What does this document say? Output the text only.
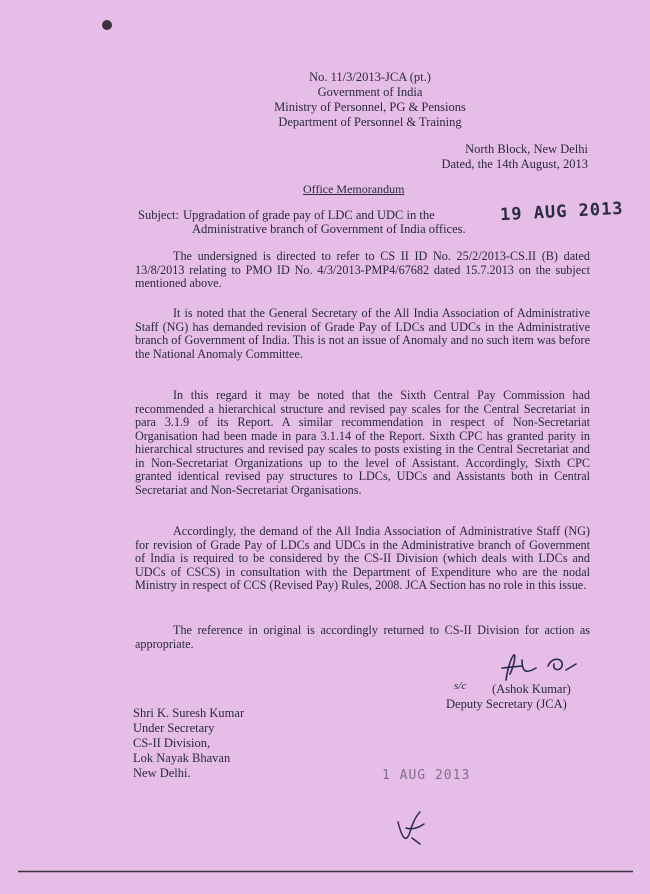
No. 11/3/2013-JCA (pt.)
Government of India
Ministry of Personnel, PG & Pensions
Department of Personnel & Training
North Block, New Delhi
Dated, the 14th August, 2013
Office Memorandum
Subject: Upgradation of grade pay of LDC and UDC in the
Administrative branch of Government of India offices.
19 AUG 2013
The undersigned is directed to refer to CS II ID No. 25/2/2013-CS.II (B) dated 13/8/2013 relating to PMO ID No. 4/3/2013-PMP4/67682 dated 15.7.2013 on the subject mentioned above.
It is noted that the General Secretary of the All India Association of Administrative Staff (NG) has demanded revision of Grade Pay of LDCs and UDCs in the Administrative branch of Government of India. This is not an issue of Anomaly and no such item was before the National Anomaly Committee.
In this regard it may be noted that the Sixth Central Pay Commission had recommended a hierarchical structure and revised pay scales for the Central Secretariat in para 3.1.9 of its Report. A similar recommendation in respect of Non-Secretariat Organisation had been made in para 3.1.14 of the Report. Sixth CPC has granted parity in hierarchical structures and revised pay scales to posts existing in the Central Secretariat and in Non-Secretariat Organizations up to the level of Assistant. Accordingly, Sixth CPC granted identical revised pay structures to LDCs, UDCs and Assistants both in Central Secretariat and Non-Secretariat Organisations.
Accordingly, the demand of the All India Association of Administrative Staff (NG) for revision of Grade Pay of LDCs and UDCs in the Administrative branch of Government of India is required to be considered by the CS-II Division (which deals with LDCs and UDCs of CSCS) in consultation with the Department of Expenditure who are the nodal Ministry in respect of CCS (Revised Pay) Rules, 2008. JCA Section has no role in this issue.
The reference in original is accordingly returned to CS-II Division for action as appropriate.
s/c (Ashok Kumar)
Deputy Secretary (JCA)
Shri K. Suresh Kumar
Under Secretary
CS-II Division,
Lok Nayak Bhavan
New Delhi.	1 AUG 2013
